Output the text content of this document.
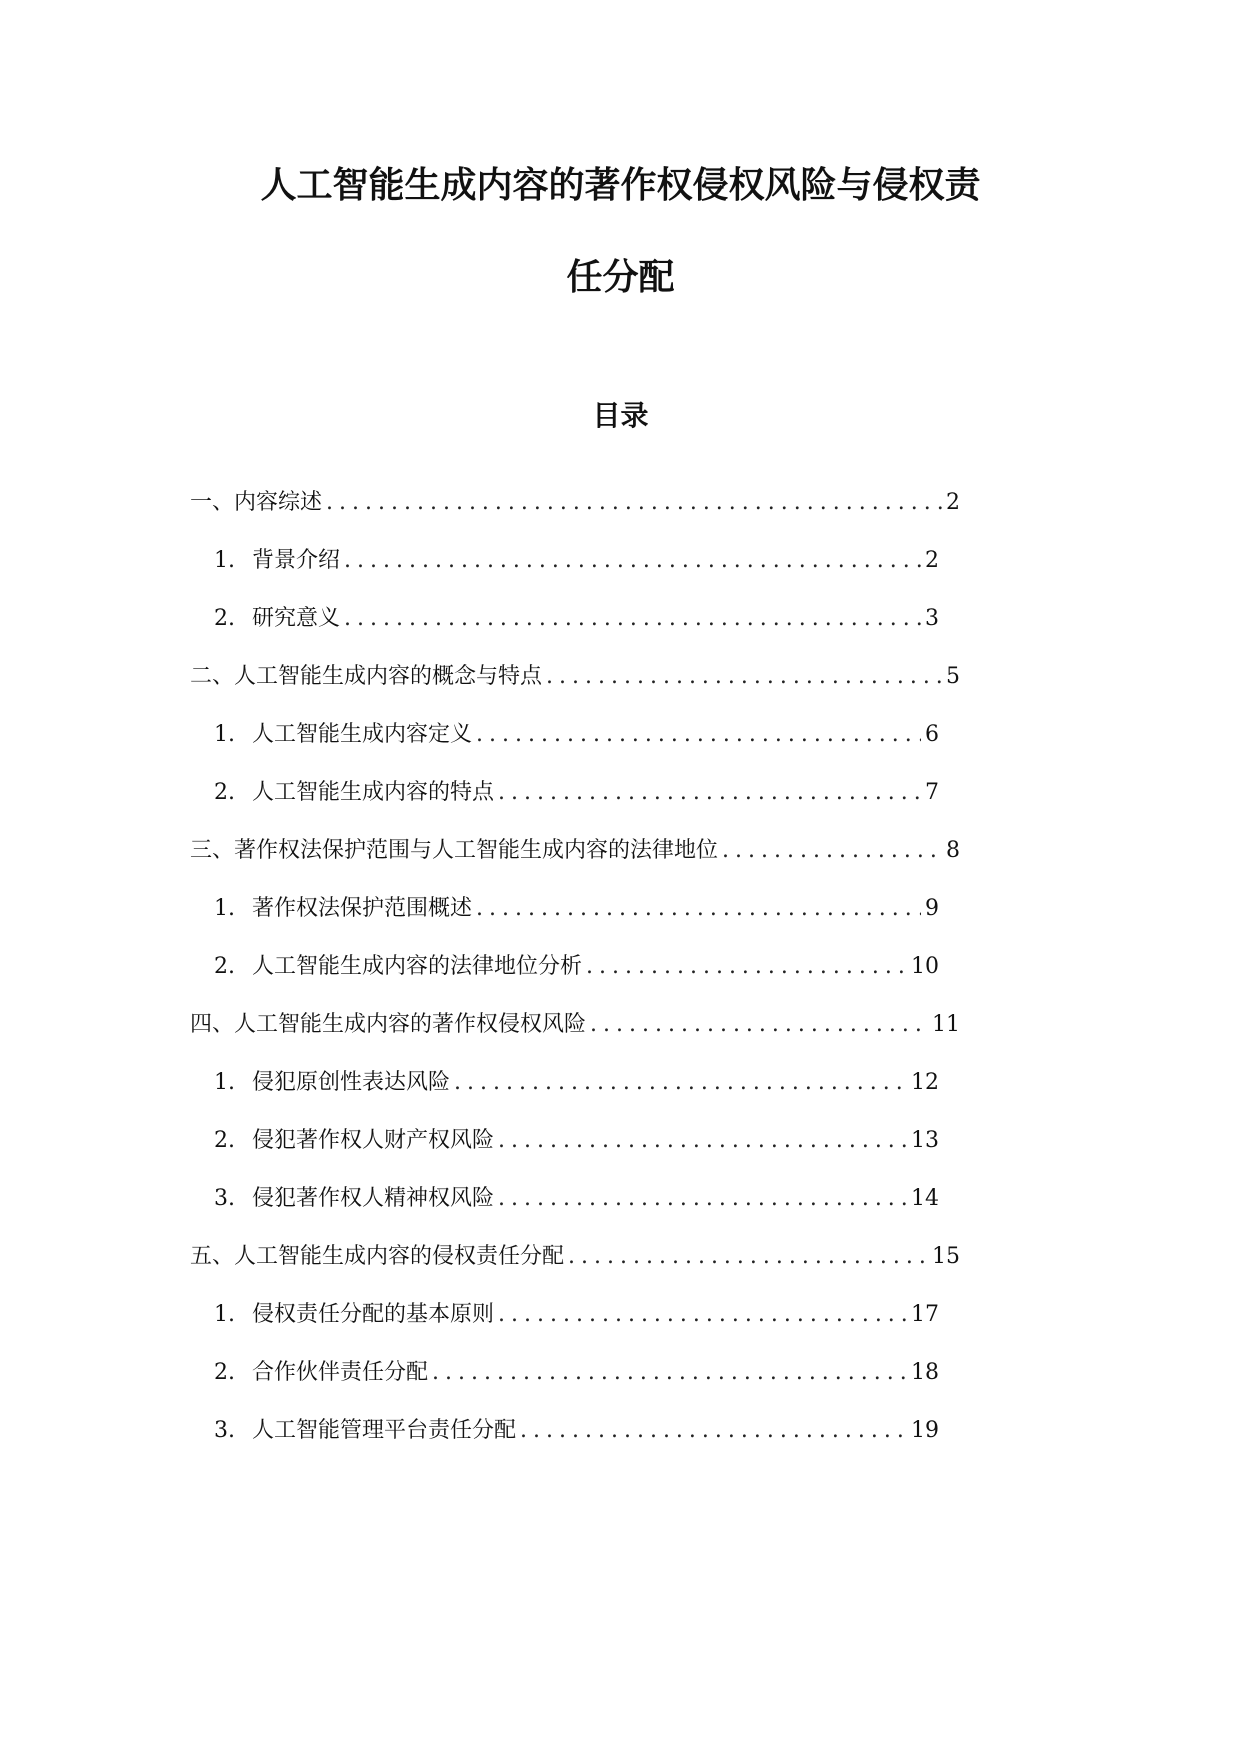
人工智能生成内容的著作权侵权风险与侵权责
任分配
目录
一、内容综述 .....	2
1. 背景介绍 .....	2
2. 研究意义 .....	3
二、人工智能生成内容的概念与特点 .....	5
1. 人工智能生成内容定义 .....	6
2. 人工智能生成内容的特点 .....	7
三、著作权法保护范围与人工智能生成内容的法律地位 .....	8
1. 著作权法保护范围概述 .....	9
2. 人工智能生成内容的法律地位分析 .....	10
四、人工智能生成内容的著作权侵权风险 .....	11
1. 侵犯原创性表达风险 .....	12
2. 侵犯著作权人财产权风险 .....	13
3. 侵犯著作权人精神权风险 .....	14
五、人工智能生成内容的侵权责任分配 .....	15
1. 侵权责任分配的基本原则 .....	17
2. 合作伙伴责任分配 .....	18
3. 人工智能管理平台责任分配 .....	19
